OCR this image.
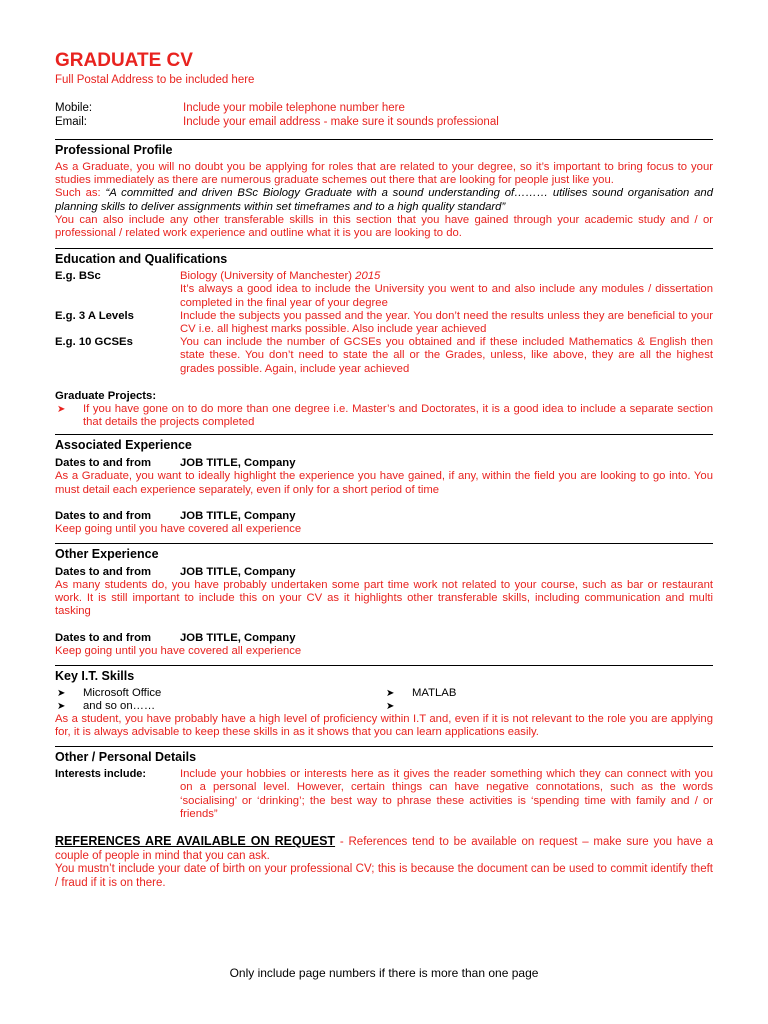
GRADUATE CV
Full Postal Address to be included here
Mobile:	Include your mobile telephone number here
Email:	Include your email address - make sure it sounds professional
Professional Profile
As a Graduate, you will no doubt you be applying for roles that are related to your degree, so it’s important to bring focus to your studies immediately as there are numerous graduate schemes out there that are looking for people just like you.
Such as: “A committed and driven BSc Biology Graduate with a sound understanding of……… utilises sound organisation and planning skills to deliver assignments within set timeframes and to a high quality standard”
You can also include any other transferable skills in this section that you have gained through your academic study and / or professional / related work experience and outline what it is you are looking to do.
Education and Qualifications
E.g. BSc	Biology (University of Manchester) 2015
It’s always a good idea to include the University you went to and also include any modules / dissertation completed in the final year of your degree
E.g. 3 A Levels	Include the subjects you passed and the year. You don’t need the results unless they are beneficial to your CV i.e. all highest marks possible. Also include year achieved
E.g. 10 GCSEs	You can include the number of GCSEs you obtained and if these included Mathematics & English then state these. You don’t need to state the all or the Grades, unless, like above, they are all the highest grades possible. Again, include year achieved
Graduate Projects:
➤	If you have gone on to do more than one degree i.e. Master’s and Doctorates, it is a good idea to include a separate section that details the projects completed
Associated Experience
Dates to and from	JOB TITLE, Company
As a Graduate, you want to ideally highlight the experience you have gained, if any, within the field you are looking to go into. You must detail each experience separately, even if only for a short period of time
Dates to and from	JOB TITLE, Company
Keep going until you have covered all experience
Other Experience
Dates to and from	JOB TITLE, Company
As many students do, you have probably undertaken some part time work not related to your course, such as bar or restaurant work. It is still important to include this on your CV as it highlights other transferable skills, including communication and multi tasking
Dates to and from	JOB TITLE, Company
Keep going until you have covered all experience
Key I.T. Skills
➤	Microsoft Office	➤	MATLAB
➤	and so on……	➤
As a student, you have probably have a high level of proficiency within I.T and, even if it is not relevant to the role you are applying for, it is always advisable to keep these skills in as it shows that you can learn applications easily.
Other / Personal Details
Interests include:	Include your hobbies or interests here as it gives the reader something which they can connect with you on a personal level. However, certain things can have negative connotations, such as the words ‘socialising’ or ‘drinking’; the best way to phrase these activities is ‘spending time with family and / or friends”
REFERENCES ARE AVAILABLE ON REQUEST - References tend to be available on request – make sure you have a couple of people in mind that you can ask.
You mustn’t include your date of birth on your professional CV; this is because the document can be used to commit identify theft / fraud if it is on there.
Only include page numbers if there is more than one page
